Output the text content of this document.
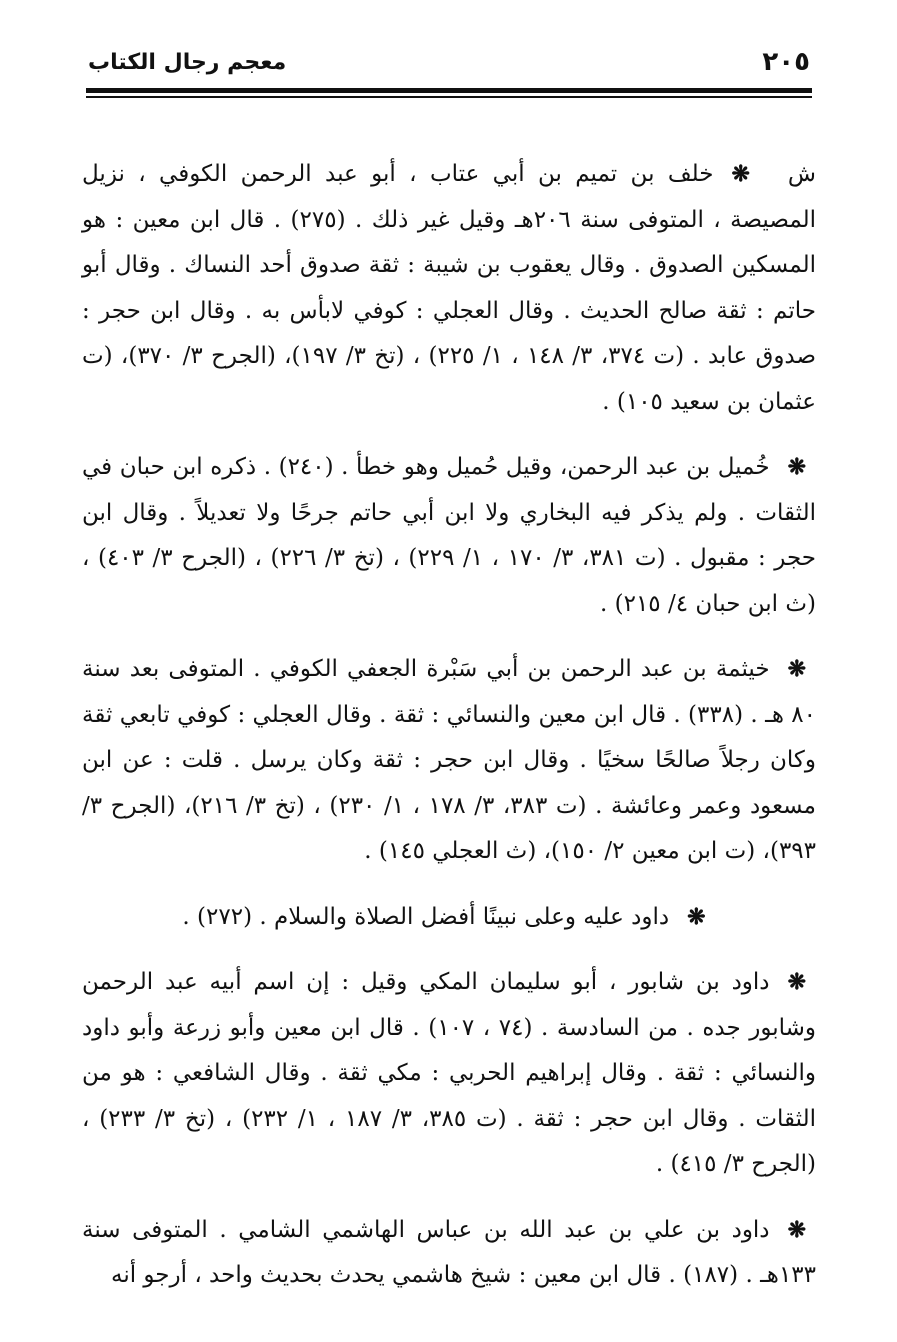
٢٠٥
معجم رجال الكتاب

ش❋خلف بن تميم بن أبي عتاب ، أبو عبد الرحمن الكوفي ، نزيل المصيصة ، المتوفى سنة ٢٠٦هـ وقيل غير ذلك . (٢٧٥) . قال ابن معين : هو المسكين الصدوق . وقال يعقوب بن شيبة : ثقة صدوق أحد النساك . وقال أبو حاتم : ثقة صالح الحديث . وقال العجلي : كوفي لابأس به . وقال ابن حجر : صدوق عابد . (ت ٣٧٤، ٣/ ١٤٨ ، ١/ ٢٢٥) ، (تخ ٣/ ١٩٧)، (الجرح ٣/ ٣٧٠)، (ت عثمان بن سعيد ١٠٥) .

❋خُميل بن عبد الرحمن، وقيل حُميل وهو خطأ . (٢٤٠) . ذكره ابن حبان في الثقات . ولم يذكر فيه البخاري ولا ابن أبي حاتم جرحًا ولا تعديلاً . وقال ابن حجر : مقبول . (ت ٣٨١، ٣/ ١٧٠ ، ١/ ٢٢٩) ، (تخ ٣/ ٢٢٦) ، (الجرح ٣/ ٤٠٣) ، (ث ابن حبان ٤/ ٢١٥) .

❋خيثمة بن عبد الرحمن بن أبي سَبْرة الجعفي الكوفي . المتوفى بعد سنة ٨٠ هـ . (٣٣٨) . قال ابن معين والنسائي : ثقة . وقال العجلي : كوفي تابعي ثقة وكان رجلاً صالحًا سخيًا . وقال ابن حجر : ثقة وكان يرسل . قلت : عن ابن مسعود وعمر وعائشة . (ت ٣٨٣، ٣/ ١٧٨ ، ١/ ٢٣٠) ، (تخ ٣/ ٢١٦)، (الجرح ٣/ ٣٩٣)، (ت ابن معين ٢/ ١٥٠)، (ث العجلي ١٤٥) .

❋داود عليه وعلى نبينًا أفضل الصلاة والسلام . (٢٧٢) .

❋داود بن شابور ، أبو سليمان المكي وقيل : إن اسم أبيه عبد الرحمن وشابور جده . من السادسة . (٧٤ ، ١٠٧) . قال ابن معين وأبو زرعة وأبو داود والنسائي : ثقة . وقال إبراهيم الحربي : مكي ثقة . وقال الشافعي : هو من الثقات . وقال ابن حجر : ثقة . (ت ٣٨٥، ٣/ ١٨٧ ، ١/ ٢٣٢) ، (تخ ٣/ ٢٣٣) ، (الجرح ٣/ ٤١٥) .

❋داود بن علي بن عبد الله بن عباس الهاشمي الشامي . المتوفى سنة ١٣٣هـ . (١٨٧) . قال ابن معين : شيخ هاشمي يحدث بحديث واحد ، أرجو أنه
